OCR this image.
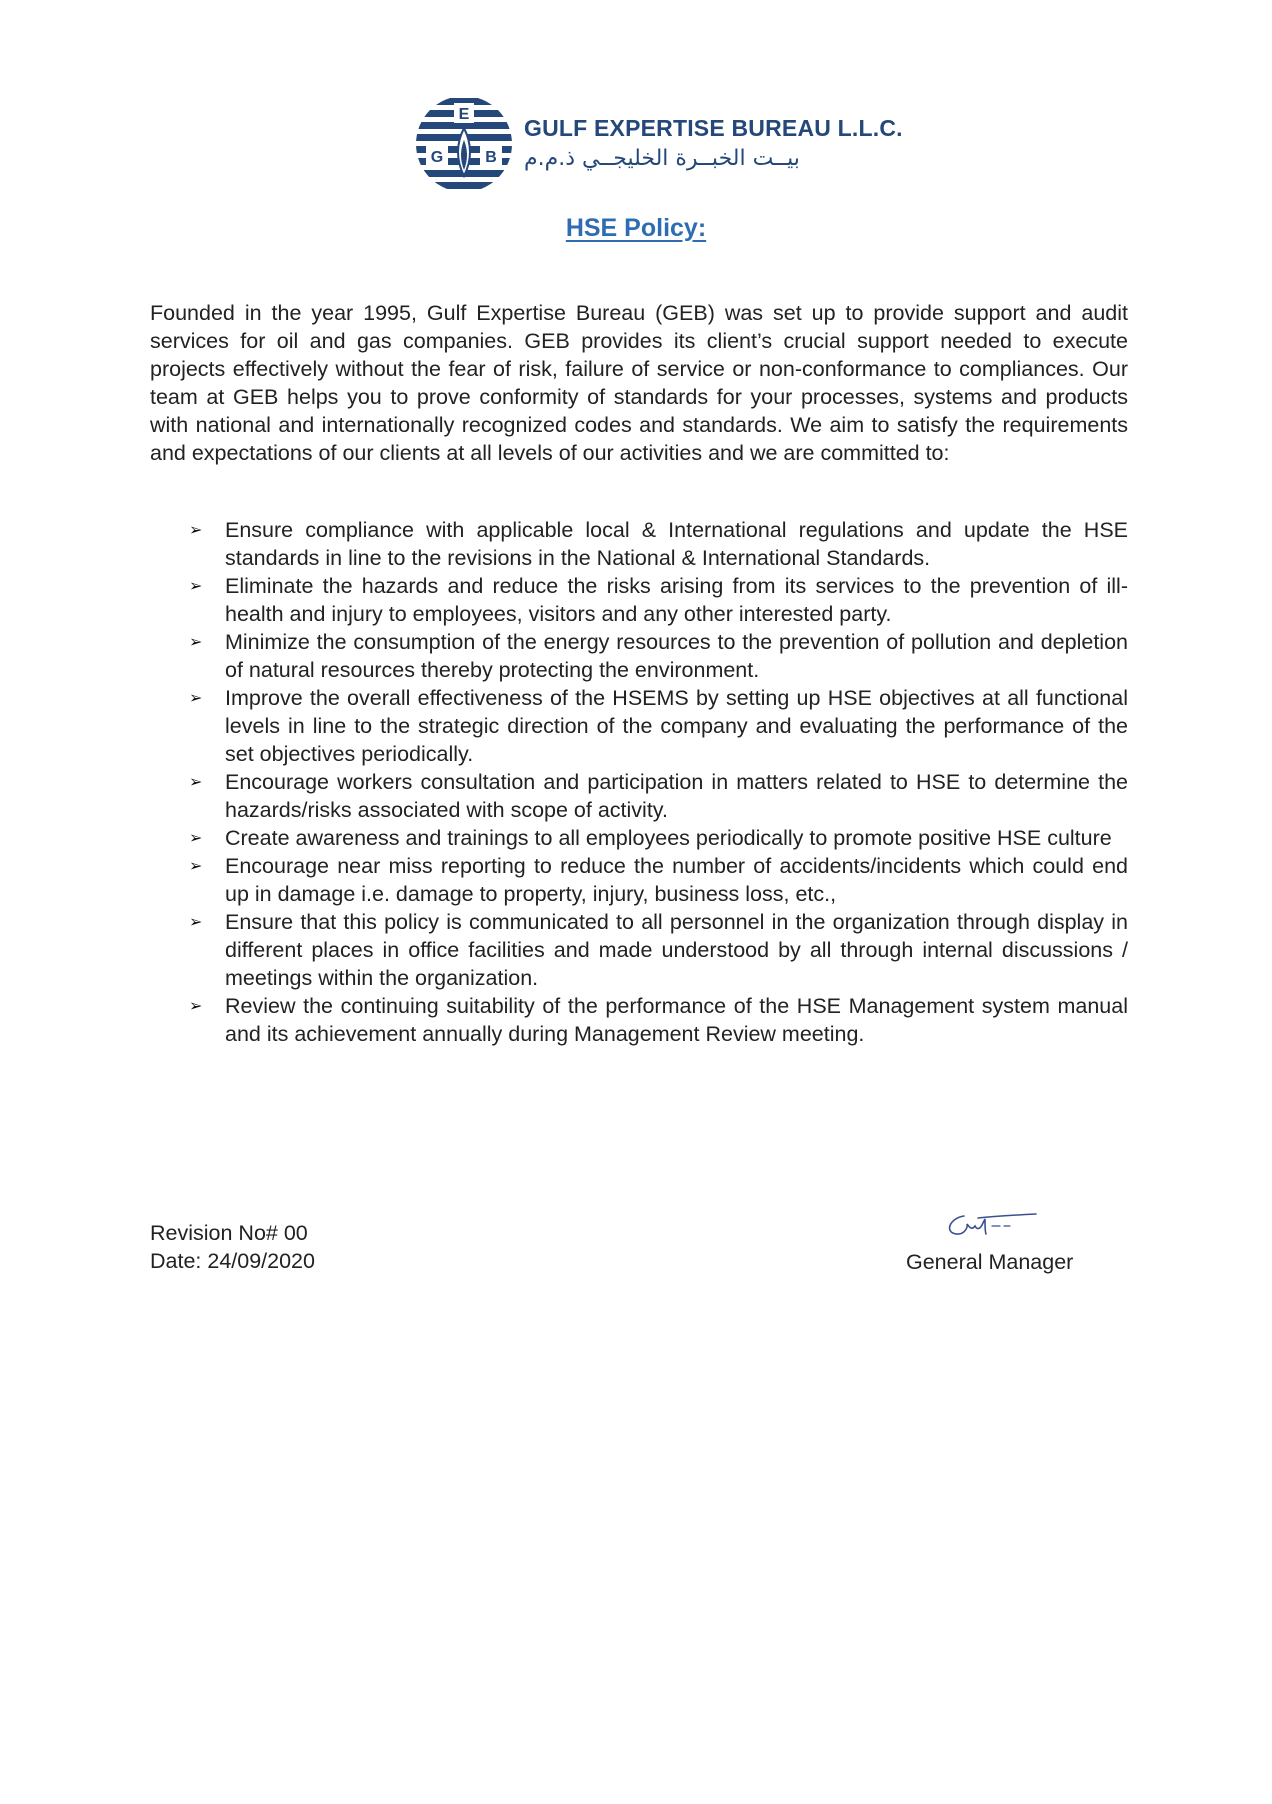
E
G	B
GULF EXPERTISE BUREAU L.L.C.
بيــت الخبــرة الخليجــي ذ.م.م
HSE Policy:

Founded in the year 1995, Gulf Expertise Bureau (GEB) was set up to provide support and audit services for oil and gas companies. GEB provides its client’s crucial support needed to execute projects effectively without the fear of risk, failure of service or non-conformance to compliances. Our team at GEB helps you to prove conformity of standards for your processes, systems and products with national and internationally recognized codes and standards. We aim to satisfy the requirements and expectations of our clients at all levels of our activities and we are committed to:

➢ Ensure compliance with applicable local & International regulations and update the HSE standards in line to the revisions in the National & International Standards.
➢ Eliminate the hazards and reduce the risks arising from its services to the prevention of ill-health and injury to employees, visitors and any other interested party.
➢ Minimize the consumption of the energy resources to the prevention of pollution and depletion of natural resources thereby protecting the environment.
➢ Improve the overall effectiveness of the HSEMS by setting up HSE objectives at all functional levels in line to the strategic direction of the company and evaluating the performance of the set objectives periodically.
➢ Encourage workers consultation and participation in matters related to HSE to determine the hazards/risks associated with scope of activity.
➢ Create awareness and trainings to all employees periodically to promote positive HSE culture
➢ Encourage near miss reporting to reduce the number of accidents/incidents which could end up in damage i.e. damage to property, injury, business loss, etc.,
➢ Ensure that this policy is communicated to all personnel in the organization through display in different places in office facilities and made understood by all through internal discussions / meetings within the organization.
➢ Review the continuing suitability of the performance of the HSE Management system manual and its achievement annually during Management Review meeting.
Revision No# 00
Date: 24/09/2020	General Manager
